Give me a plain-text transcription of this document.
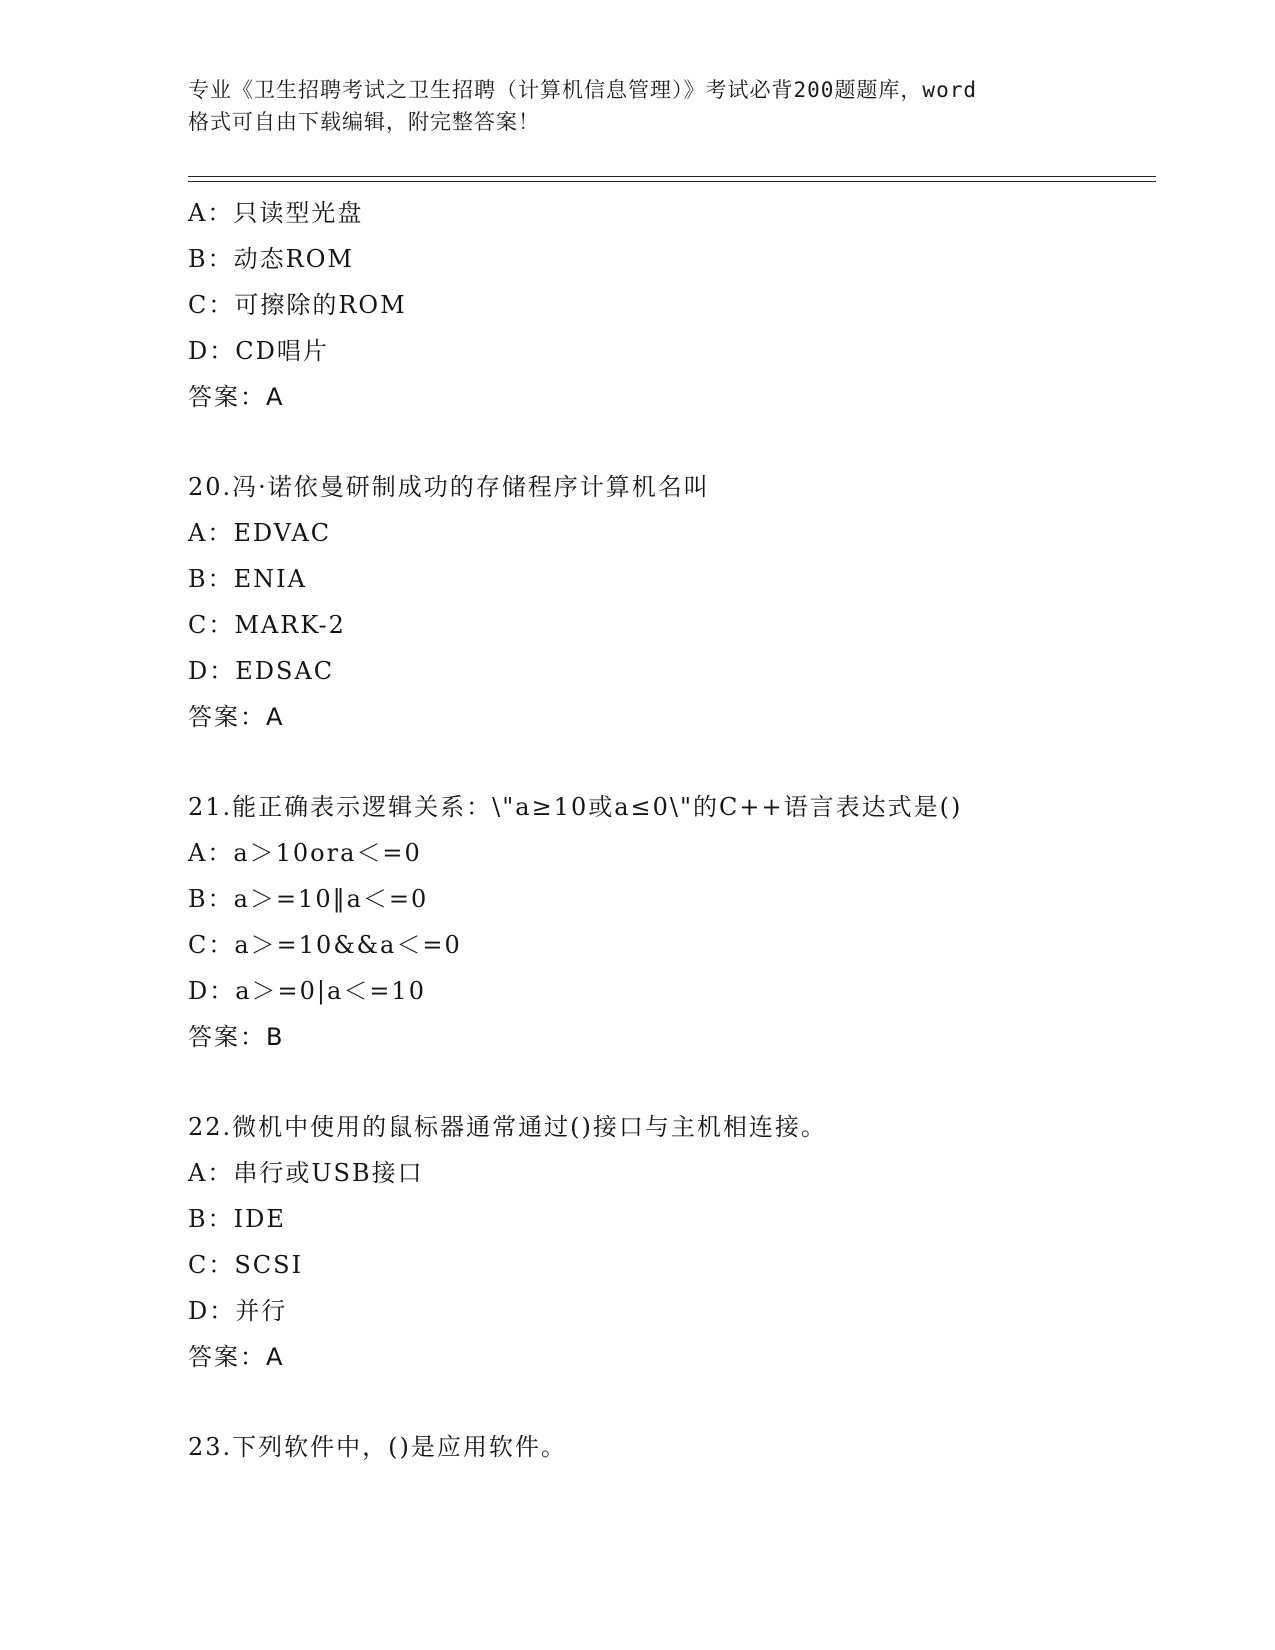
专业《卫生招聘考试之卫生招聘（计算机信息管理）》考试必背200题题库，word
格式可自由下载编辑，附完整答案！
A：只读型光盘
B：动态ROM
C：可擦除的ROM
D：CD唱片
答案：A
20.冯·诺依曼研制成功的存储程序计算机名叫
A：EDVAC
B：ENIA
C：MARK-2
D：EDSAC
答案：A
21.能正确表示逻辑关系：\"a≥10或a≤0\"的C++语言表达式是()
A：a＞10ora＜=0
B：a＞=10‖a＜=0
C：a＞=10&&a＜=0
D：a＞=0|a＜=10
答案：B
22.微机中使用的鼠标器通常通过()接口与主机相连接。
A：串行或USB接口
B：IDE
C：SCSI
D：并行
答案：A
23.下列软件中，()是应用软件。
